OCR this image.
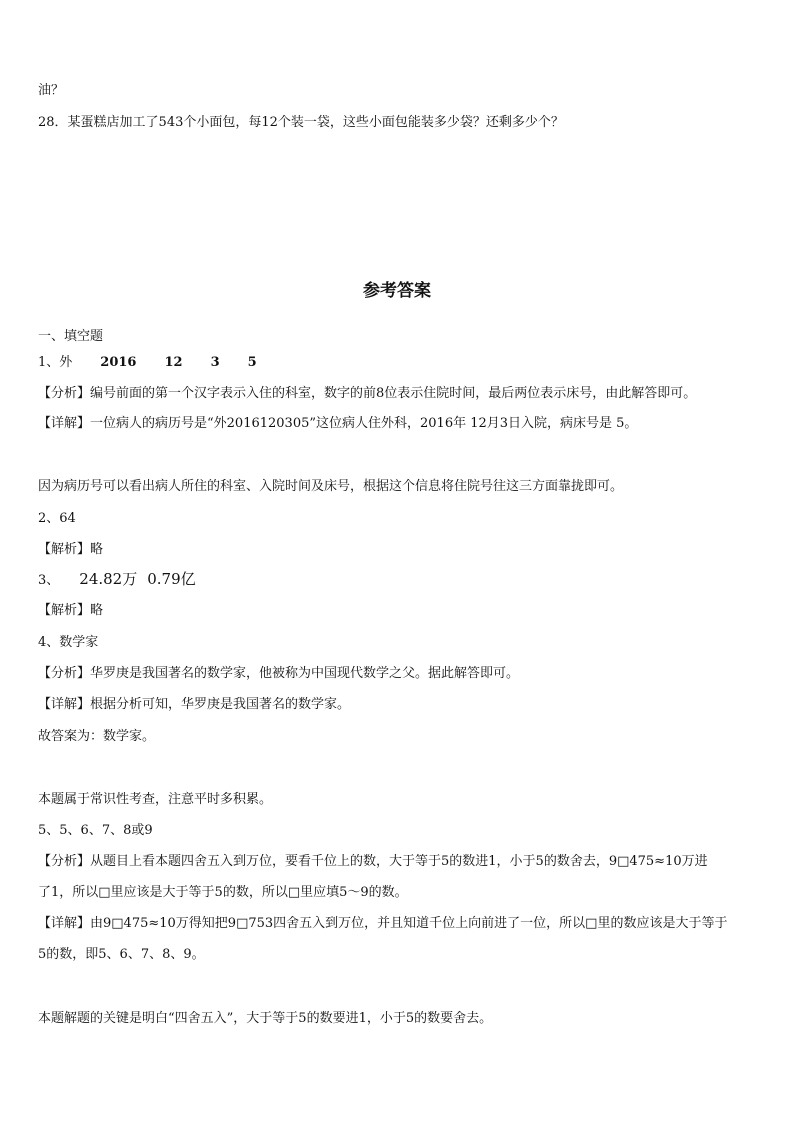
油？
28．某蛋糕店加工了543个小面包，每12个装一袋，这些小面包能装多少袋？还剩多少个？
参考答案
一、填空题
1、外 2016 12 3 5
【分析】编号前面的第一个汉字表示入住的科室，数字的前8位表示住院时间，最后两位表示床号，由此解答即可。
【详解】一位病人的病历号是“外2016120305”这位病人住外科，2016年 12月3日入院，病床号是 5。
因为病历号可以看出病人所住的科室、入院时间及床号，根据这个信息将住院号往这三方面靠拢即可。
2、64
【解析】略
3、 24.82万 0.79亿
【解析】略
4、数学家
【分析】华罗庚是我国著名的数学家，他被称为中国现代数学之父。据此解答即可。
【详解】根据分析可知，华罗庚是我国著名的数学家。
故答案为：数学家。
本题属于常识性考查，注意平时多积累。
5、5、6、7、8或9
【分析】从题目上看本题四舍五入到万位，要看千位上的数，大于等于5的数进1，小于5的数舍去，9□475≈10万进
了1，所以□里应该是大于等于5的数，所以□里应填5～9的数。
【详解】由9□475≈10万得知把9□753四舍五入到万位，并且知道千位上向前进了一位，所以□里的数应该是大于等于
5的数，即5、6、7、8、9。
本题解题的关键是明白“四舍五入”，大于等于5的数要进1，小于5的数要舍去。
